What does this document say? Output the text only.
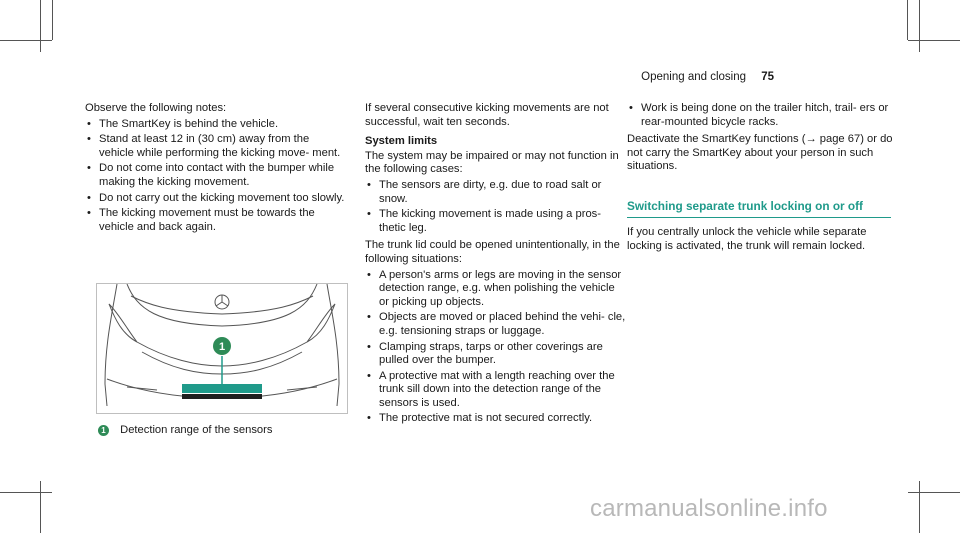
Opening and closing 75

Observe the following notes:

• The SmartKey is behind the vehicle.
• Stand at least 12 in (30 cm) away from the vehicle while performing the kicking move- ment.
• Do not come into contact with the bumper while making the kicking movement.
• Do not carry out the kicking movement too slowly.
• The kicking movement must be towards the vehicle and back again.
1
1 Detection range of the sensors

If several consecutive kicking movements are not successful, wait ten seconds.

System limits

The system may be impaired or may not function in the following cases:

• The sensors are dirty, e.g. due to road salt or snow.
• The kicking movement is made using a pros- thetic leg.

The trunk lid could be opened unintentionally, in the following situations:

• A person's arms or legs are moving in the sensor detection range, e.g. when polishing the vehicle or picking up objects.
• Objects are moved or placed behind the vehi- cle, e.g. tensioning straps or luggage.
• Clamping straps, tarps or other coverings are pulled over the bumper.
• A protective mat with a length reaching over the trunk sill down into the detection range of the sensors is used.
• The protective mat is not secured correctly.
• Work is being done on the trailer hitch, trail- ers or rear-mounted bicycle racks.

Deactivate the SmartKey functions (→ page 67) or do not carry the SmartKey about your person in such situations.

Switching separate trunk locking on or off
If you centrally unlock the vehicle while separate locking is activated, the trunk will remain locked.
carmanualsonline.info
